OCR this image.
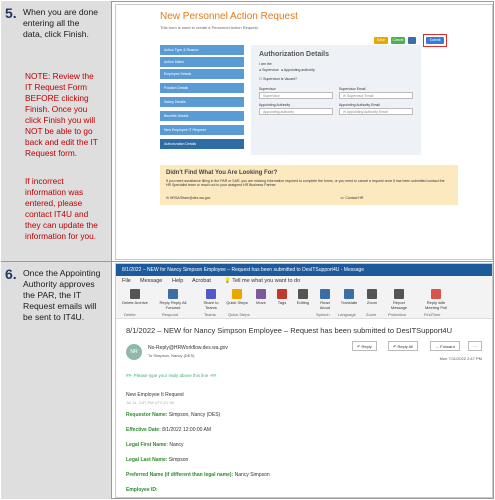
5. When you are done
entering all the
data, click Finish.
NOTE: Review the
IT Request Form
BEFORE clicking
Finish. Once you
click Finish you will
NOT be able to go
back and edit the IT
Request form.
If incorrect
information was
entered, please
contact IT4U and
they can update the
information for you.
New Personnel Action Request
This form is used to create a Personnel Action Request.
Save	Cancel	Submit
Action Type & Reason
Action Dates
Employee Details
Position Details
Salary Details
Benefits Details
New Employee IT Request
Authorization Details
Authorization Details
I am the
● Supervisor ● Appointing authority
☐ Supervisor is Vacant?
Supervisor	Supervisor Email
Supervisor	✉ Supervisor Email
Appointing Authority	Appointing Authority Email
Appointing authority	✉ Appointing Authority Email
Didn't Find What You Are Looking For?
If you need assistance filling in the PAR or SAR, you are missing information required to complete the forms, or you need to cancel a request once it has been submitted contact the HR Specialist team or reach out to your assigned HR Business Partner.
✉ HRSAITeam@des.wa.gov	☏ Contact HR
6. Once the Appointing
Authority approves
the PAR, the IT
Request emails will
be sent to IT4U.
8/1/2022 – NEW for Nancy Simpson Employee – Request has been submitted to DesITSupport4U - Message
File Message Help Acrobat 💡 Tell me what you want to do
Delete Archive	Reply Reply All Forward
Share to Teams
Quick Steps	Move	Tags	Editing	Read Aloud
Translate	Zoom	Report Message
Reply with Meeting Poll
Delete	Respond	Teams	Quick Steps	Speech Language	Zoom	Protection	FindTime
8/1/2022 – NEW for Nancy Simpson Employee – Request has been submitted to DesITSupport4U
NR
No-Reply@HRWorkflow.des.wa.gov
To Simpson, Nancy (DES)
↶ Reply	↶ Reply All	→ Forward	···
Mon 7/11/2022 2:47 PM
##- Please type your reply above this line -##
New Employee It Request
Jul 11, 2:47 PM UTC-07:00
Requestor Name: Simpson, Nancy (DES)
Effective Date: 8/1/2022 12:00:00 AM
Legal First Name: Nancy
Legal Last Name: Simpson
Preferred Name (if different than legal name): Nancy Simpson
Employee ID:
